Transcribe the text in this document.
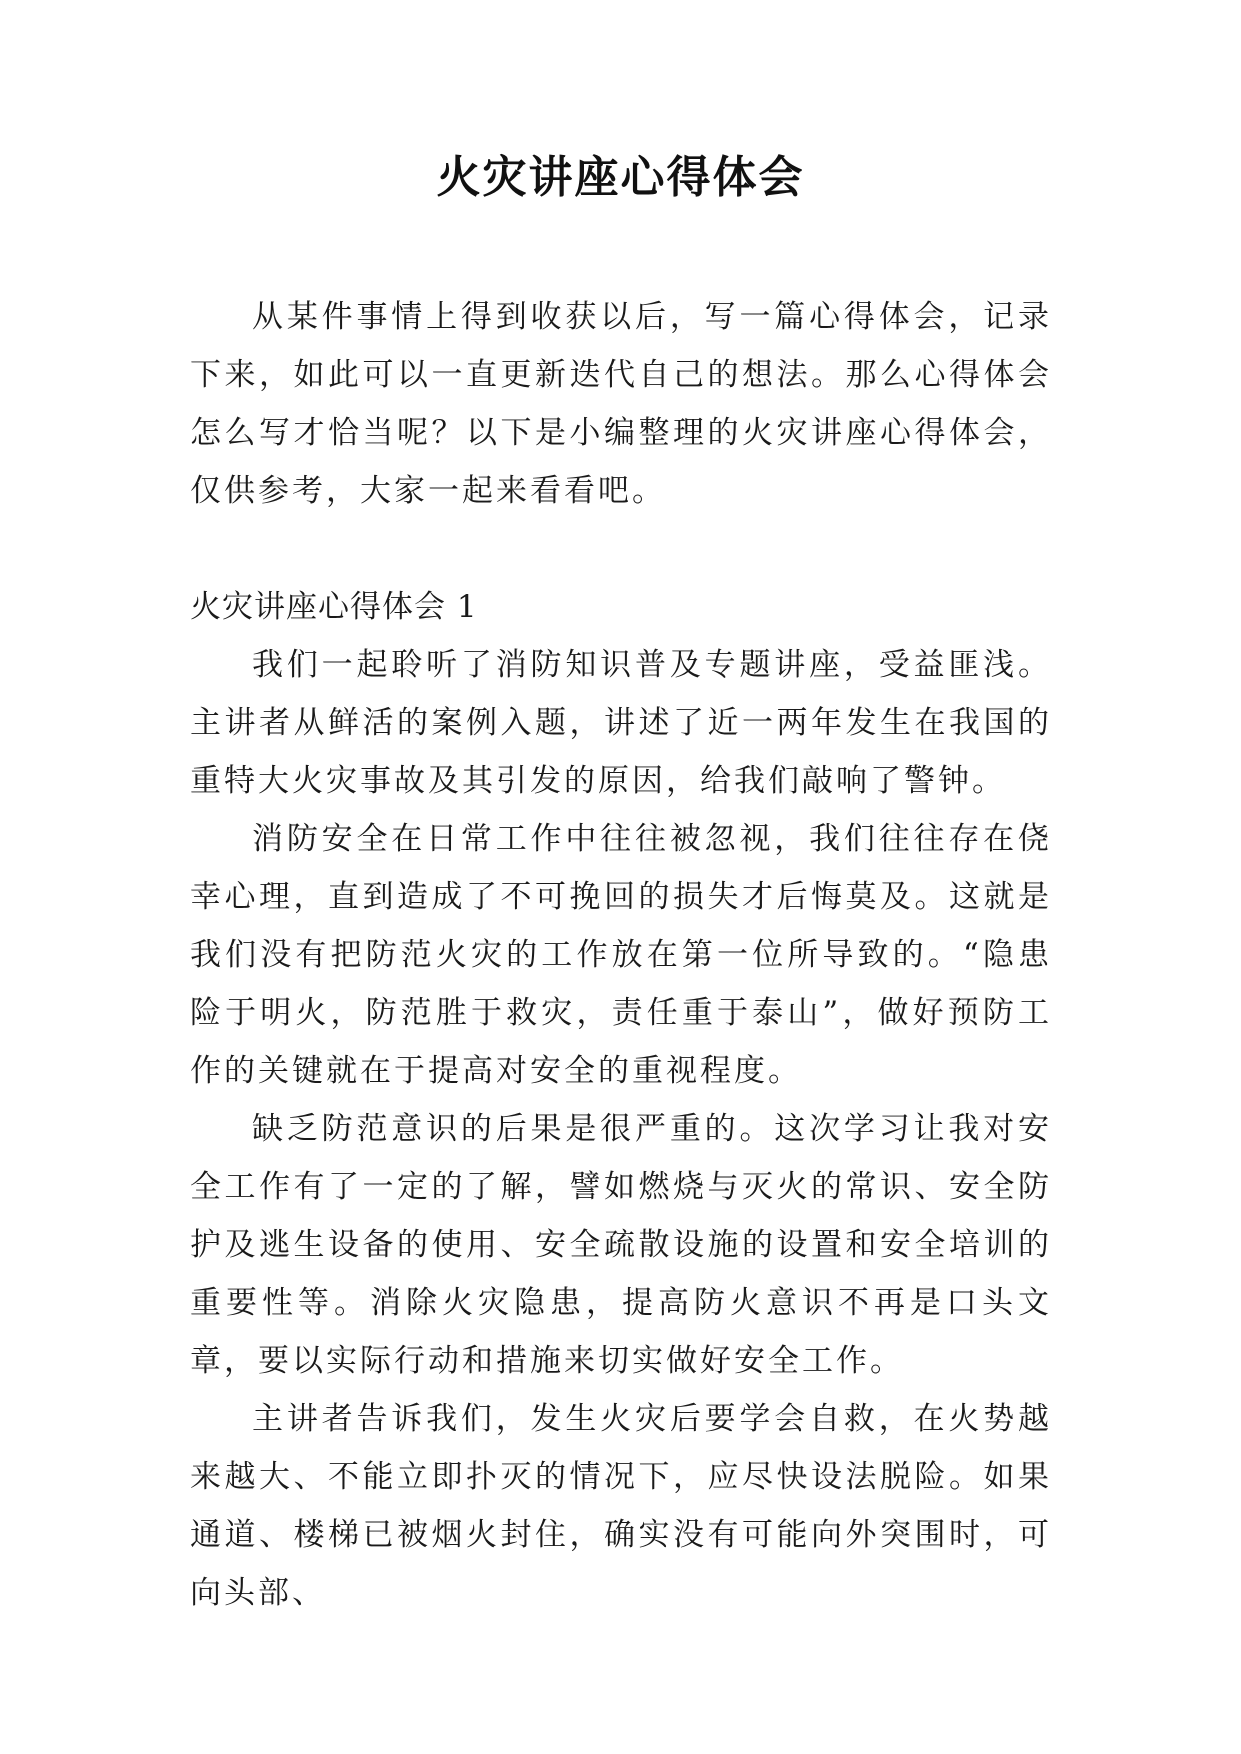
火灾讲座心得体会

从某件事情上得到收获以后，写一篇心得体会，记录下来，如此可以一直更新迭代自己的想法。那么心得体会怎么写才恰当呢？以下是小编整理的火灾讲座心得体会，仅供参考，大家一起来看看吧。

火灾讲座心得体会 1

我们一起聆听了消防知识普及专题讲座，受益匪浅。主讲者从鲜活的案例入题，讲述了近一两年发生在我国的重特大火灾事故及其引发的原因，给我们敲响了警钟。

消防安全在日常工作中往往被忽视，我们往往存在侥幸心理，直到造成了不可挽回的损失才后悔莫及。这就是我们没有把防范火灾的工作放在第一位所导致的。“隐患险于明火，防范胜于救灾，责任重于泰山”，做好预防工作的关键就在于提高对安全的重视程度。

缺乏防范意识的后果是很严重的。这次学习让我对安全工作有了一定的了解，譬如燃烧与灭火的常识、安全防护及逃生设备的使用、安全疏散设施的设置和安全培训的重要性等。消除火灾隐患，提高防火意识不再是口头文章，要以实际行动和措施来切实做好安全工作。

主讲者告诉我们，发生火灾后要学会自救，在火势越来越大、不能立即扑灭的情况下，应尽快设法脱险。如果通道、楼梯已被烟火封住，确实没有可能向外突围时，可向头部、
